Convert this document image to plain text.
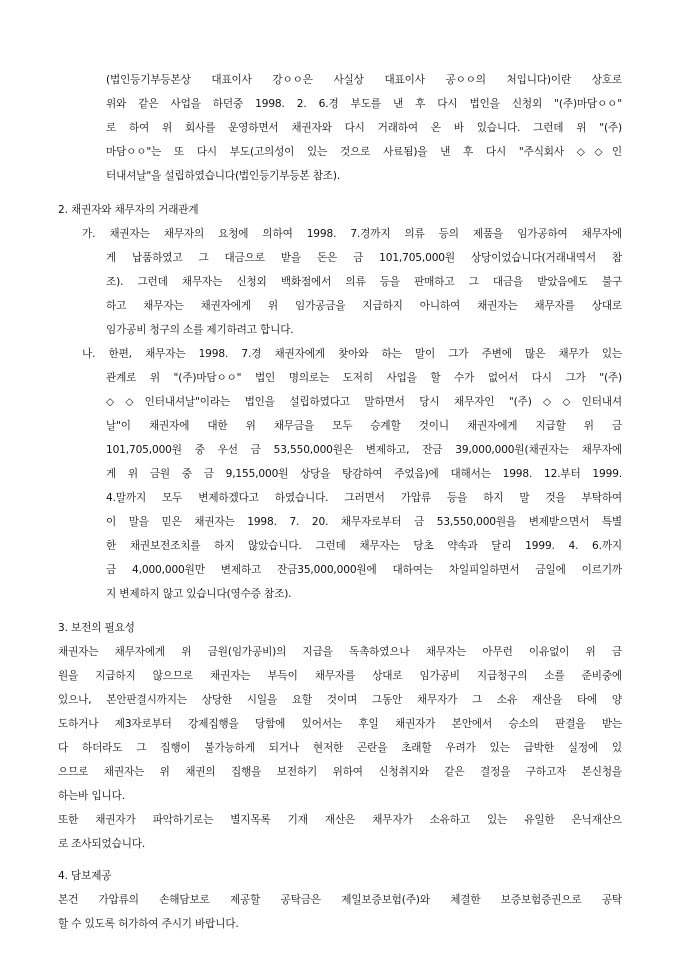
(법인등기부등본상 대표이사 강ㅇㅇ은 사실상 대표이사 공ㅇㅇ의 처입니다)이란 상호로
위와 같은 사업을 하던중 1998. 2. 6.경 부도를 낸 후 다시 법인을 신청외 "(주)마담ㅇㅇ"
로 하여 위 회사를 운영하면서 채권자와 다시 거래하여 온 바 있습니다. 그런데 위 "(주)
마담ㅇㅇ"는 또 다시 부도(고의성이 있는 것으로 사료됨)을 낸 후 다시 "주식회사 ◇◇인
터내셔날"을 설립하였습니다(법인등기부등본 참조).
2. 채권자와 채무자의 거래관계
가. 채권자는 채무자의 요청에 의하여 1998. 7.경까지 의류 등의 제품을 임가공하여 채무자에
게 납품하였고 그 대금으로 받을 돈은 금 101,705,000원 상당이었습니다(거래내역서 참
조). 그런데 채무자는 신청외 백화점에서 의류 등을 판매하고 그 대금을 받았음에도 불구
하고 채무자는 채권자에게 위 임가공금을 지급하지 아니하여 채권자는 채무자를 상대로
임가공비 청구의 소를 제기하려고 합니다.
나. 한편, 채무자는 1998. 7.경 채권자에게 찾아와 하는 말이 그가 주변에 많은 채무가 있는
관계로 위 "(주)마담ㅇㅇ" 법인 명의로는 도저히 사업을 할 수가 없어서 다시 그가 "(주)
◇◇인터내셔날"이라는 법인을 설립하였다고 말하면서 당시 채무자인 "(주)◇◇인터내셔
날"이 채권자에 대한 위 채무금을 모두 승계할 것이니 채권자에게 지급할 위 금
101,705,000원 중 우선 금 53,550,000원은 변제하고, 잔금 39,000,000원(채권자는 채무자에
게 위 금원 중 금 9,155,000원 상당을 탕감하여 주었음)에 대해서는 1998. 12.부터 1999.
4.말까지 모두 변제하겠다고 하였습니다. 그러면서 가압류 등을 하지 말 것을 부탁하여
이 말을 믿은 채권자는 1998. 7. 20. 채무자로부터 금 53,550,000원을 변제받으면서 특별
한 채권보전조치를 하지 않았습니다. 그런데 채무자는 당초 약속과 달리 1999. 4. 6.까지
금 4,000,000원만 변제하고 잔금35,000,000원에 대하여는 차일피일하면서 금일에 이르기까
지 변제하지 않고 있습니다(영수증 참조).
3. 보전의 필요성
채권자는 채무자에게 위 금원(임가공비)의 지급을 독촉하였으나 채무자는 아무런 이유없이 위 금
원을 지급하지 않으므로 채권자는 부득이 채무자를 상대로 임가공비 지급청구의 소를 준비중에
있으나, 본안판결시까지는 상당한 시일을 요할 것이며 그동안 채무자가 그 소유 재산을 타에 양
도하거나 제3자로부터 강제집행을 당함에 있어서는 후일 채권자가 본안에서 승소의 판결을 받는
다 하더라도 그 집행이 불가능하게 되거나 현저한 곤란을 초래할 우려가 있는 급박한 실정에 있
으므로 채권자는 위 채권의 집행을 보전하기 위하여 신청취지와 같은 결정을 구하고자 본신청을
하는바 입니다.
또한 채권자가 파악하기로는 별지목록 기재 재산은 채무자가 소유하고 있는 유일한 은닉재산으
로 조사되었습니다.
4. 담보제공
본건 가압류의 손해담보로 제공할 공탁금은 제일보증보험(주)와 체결한 보증보험증권으로 공탁
할 수 있도록 허가하여 주시기 바랍니다.
